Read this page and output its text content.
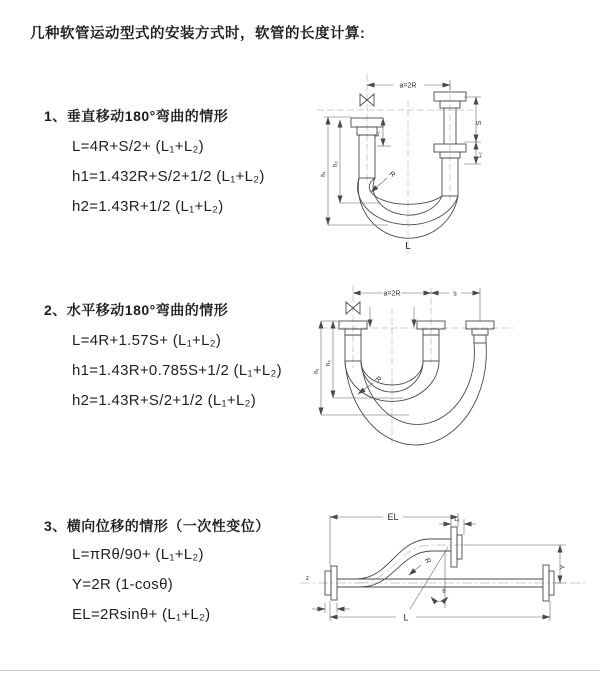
几种软管运动型式的安装方式时，软管的长度计算:
1、垂直移动180°弯曲的情形

L=4R+S/2+ (L₁+L₂)

h1=1.432R+S/2+1/2 (L₁+L₂)

h2=1.43R+1/2 (L₁+L₂)

2、水平移动180°弯曲的情形

L=4R+1.57S+ (L₁+L₂)

h1=1.43R+0.785S+1/2 (L₁+L₂)

h2=1.43R+S/2+1/2 (L₁+L₂)

3、横向位移的情形（一次性变位）

L=πRθ/90+ (L₁+L₂)

Y=2R (1-cosθ)

EL=2Rsinθ+ (L₁+L₂)

a=2R
S
L₂
h₁
h₂
L₁
R
L
a=2R	s
h₁
h₂
R
z
EL	L₁
Y
L
R
θ
